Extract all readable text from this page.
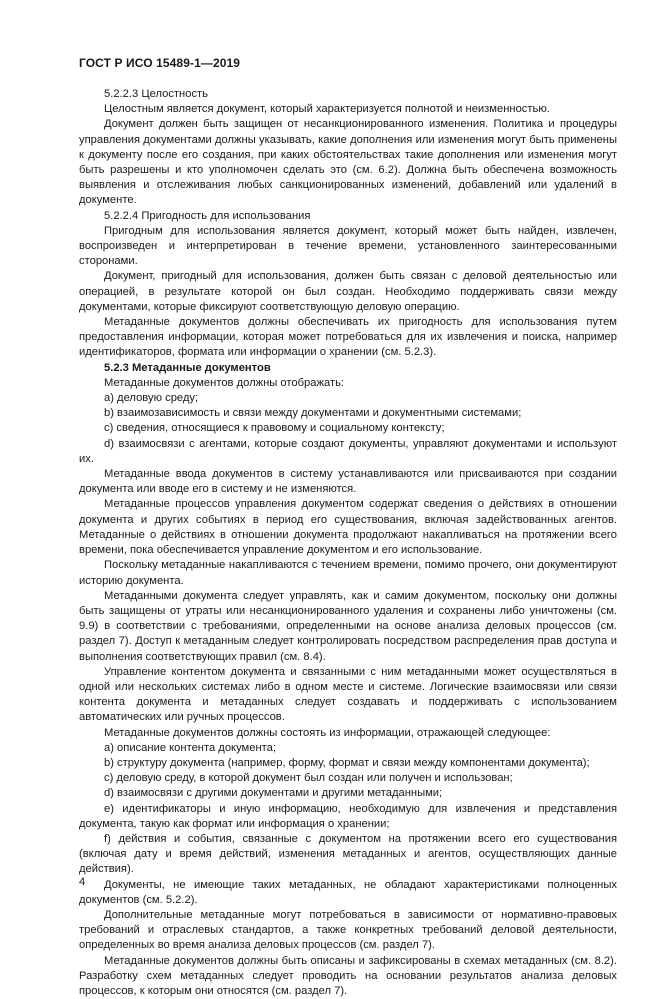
ГОСТ Р ИСО 15489-1—2019

5.2.2.3 Целостность

Целостным является документ, который характеризуется полнотой и неизменностью.

Документ должен быть защищен от несанкционированного изменения. Политика и процедуры управления документами должны указывать, какие дополнения или изменения могут быть применены к документу после его создания, при каких обстоятельствах такие дополнения или изменения могут быть разрешены и кто уполномочен сделать это (см. 6.2). Должна быть обеспечена возможность выявления и отслеживания любых санкционированных изменений, добавлений или удалений в документе.

5.2.2.4 Пригодность для использования

Пригодным для использования является документ, который может быть найден, извлечен, воспроизведен и интерпретирован в течение времени, установленного заинтересованными сторонами.

Документ, пригодный для использования, должен быть связан с деловой деятельностью или операцией, в результате которой он был создан. Необходимо поддерживать связи между документами, которые фиксируют соответствующую деловую операцию.

Метаданные документов должны обеспечивать их пригодность для использования путем предоставления информации, которая может потребоваться для их извлечения и поиска, например идентификаторов, формата или информации о хранении (см. 5.2.3).

5.2.3 Метаданные документов

Метаданные документов должны отображать:

a) деловую среду;

b) взаимозависимость и связи между документами и документными системами;

c) сведения, относящиеся к правовому и социальному контексту;

d) взаимосвязи с агентами, которые создают документы, управляют документами и используют их.

Метаданные ввода документов в систему устанавливаются или присваиваются при создании документа или вводе его в систему и не изменяются.

Метаданные процессов управления документом содержат сведения о действиях в отношении документа и других событиях в период его существования, включая задействованных агентов. Метаданные о действиях в отношении документа продолжают накапливаться на протяжении всего времени, пока обеспечивается управление документом и его использование.

Поскольку метаданные накапливаются с течением времени, помимо прочего, они документируют историю документа.

Метаданными документа следует управлять, как и самим документом, поскольку они должны быть защищены от утраты или несанкционированного удаления и сохранены либо уничтожены (см. 9.9) в соответствии с требованиями, определенными на основе анализа деловых процессов (см. раздел 7). Доступ к метаданным следует контролировать посредством распределения прав доступа и выполнения соответствующих правил (см. 8.4).

Управление контентом документа и связанными с ним метаданными может осуществляться в одной или нескольких системах либо в одном месте и системе. Логические взаимосвязи или связи контента документа и метаданных следует создавать и поддерживать с использованием автоматических или ручных процессов.

Метаданные документов должны состоять из информации, отражающей следующее:

a) описание контента документа;

b) структуру документа (например, форму, формат и связи между компонентами документа);

c) деловую среду, в которой документ был создан или получен и использован;

d) взаимосвязи с другими документами и другими метаданными;

e) идентификаторы и иную информацию, необходимую для извлечения и представления документа, такую как формат или информация о хранении;

f) действия и события, связанные с документом на протяжении всего его существования (включая дату и время действий, изменения метаданных и агентов, осуществляющих данные действия).

Документы, не имеющие таких метаданных, не обладают характеристиками полноценных документов (см. 5.2.2).

Дополнительные метаданные могут потребоваться в зависимости от нормативно-правовых требований и отраслевых стандартов, а также конкретных требований деловой деятельности, определенных во время анализа деловых процессов (см. раздел 7).

Метаданные документов должны быть описаны и зафиксированы в схемах метаданных (см. 8.2). Разработку схем метаданных следует проводить на основании результатов анализа деловых процессов, к которым они относятся (см. раздел 7).

4
